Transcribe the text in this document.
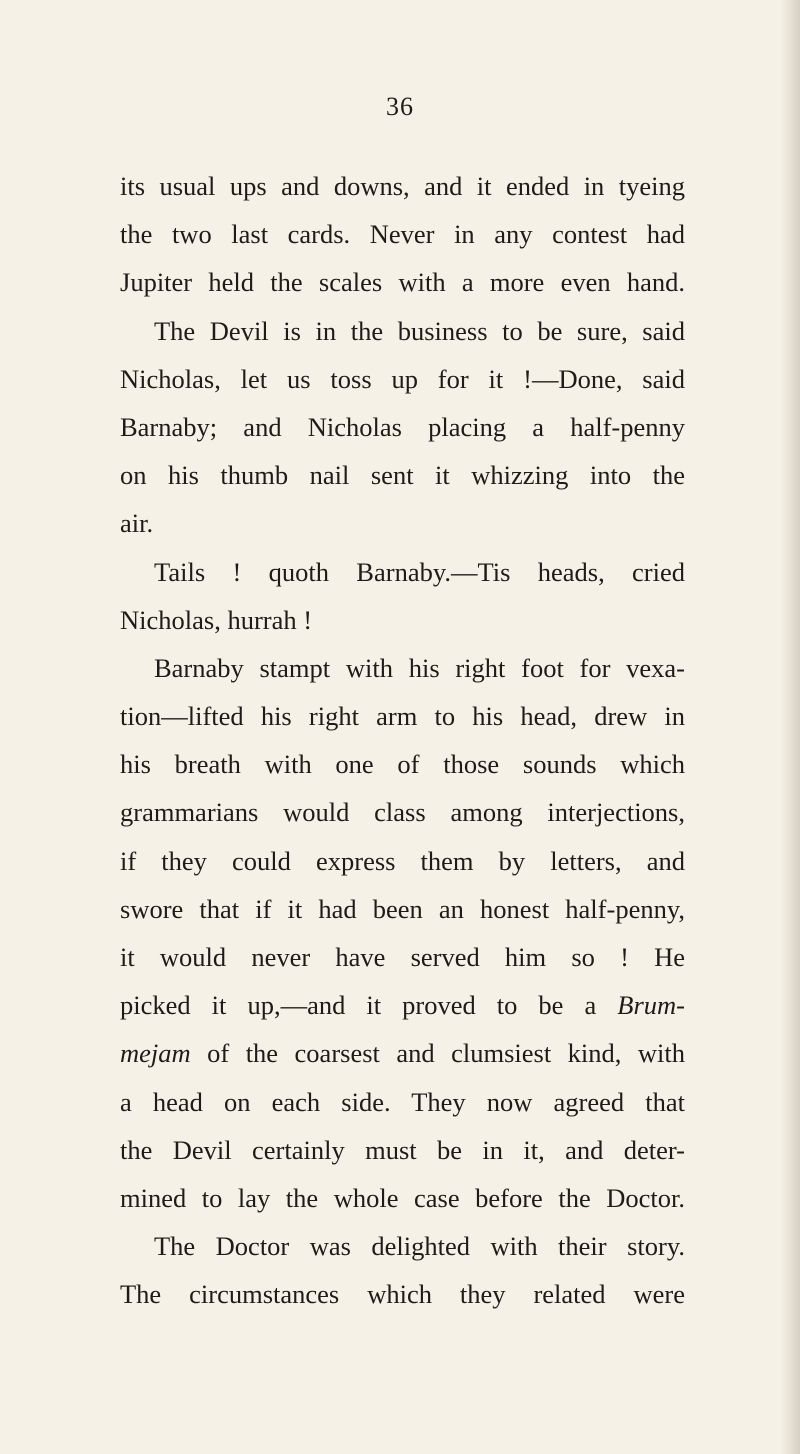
36
its usual ups and downs, and it ended in tyeing
the two last cards. Never in any contest had
Jupiter held the scales with a more even hand.
The Devil is in the business to be sure, said
Nicholas, let us toss up for it !—Done, said
Barnaby; and Nicholas placing a half-penny
on his thumb nail sent it whizzing into the
air.
Tails ! quoth Barnaby.—Tis heads, cried
Nicholas, hurrah !
Barnaby stampt with his right foot for vexa-
tion—lifted his right arm to his head, drew in
his breath with one of those sounds which
grammarians would class among interjections,
if they could express them by letters, and
swore that if it had been an honest half-penny,
it would never have served him so ! He
picked it up,—and it proved to be a Brum-
mejam of the coarsest and clumsiest kind, with
a head on each side. They now agreed that
the Devil certainly must be in it, and deter-
mined to lay the whole case before the Doctor.
The Doctor was delighted with their story.
The circumstances which they related were
